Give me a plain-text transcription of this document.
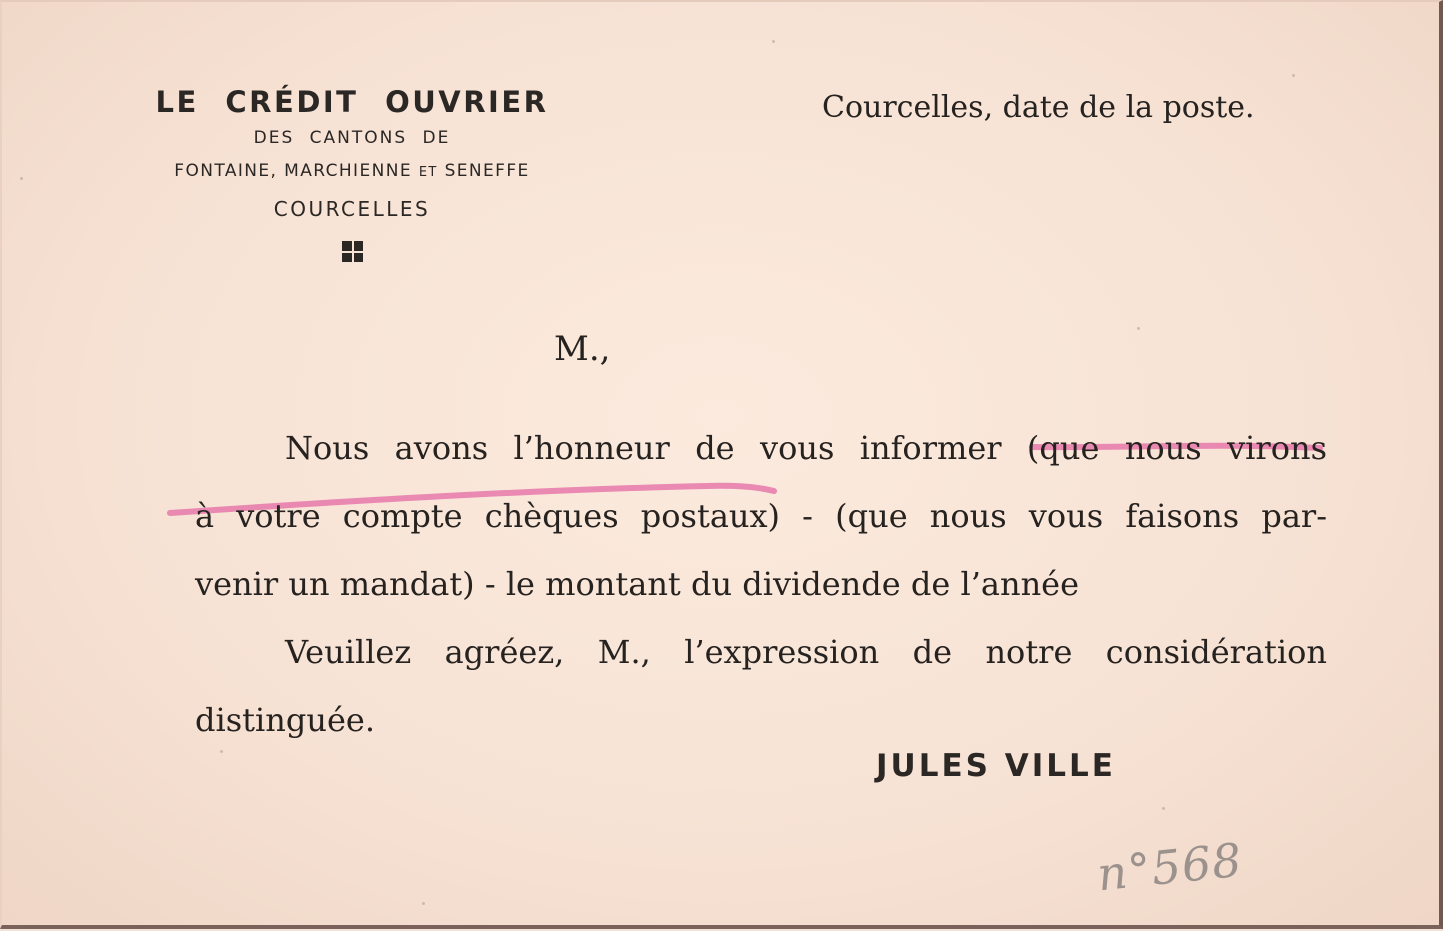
LE CRÉDIT OUVRIER
DES CANTONS DE
FONTAINE, MARCHIENNE ET SENEFFE
COURCELLES
Courcelles, date de la poste.
M.,
Nous avons l’honneur de vous informer (que nous virons
à votre compte chèques postaux) - (que nous vous faisons par-
venir un mandat) - le montant du dividende de l’année
Veuillez agréez, M., l’expression de notre considération
distinguée.
JULES VILLE
n°568
